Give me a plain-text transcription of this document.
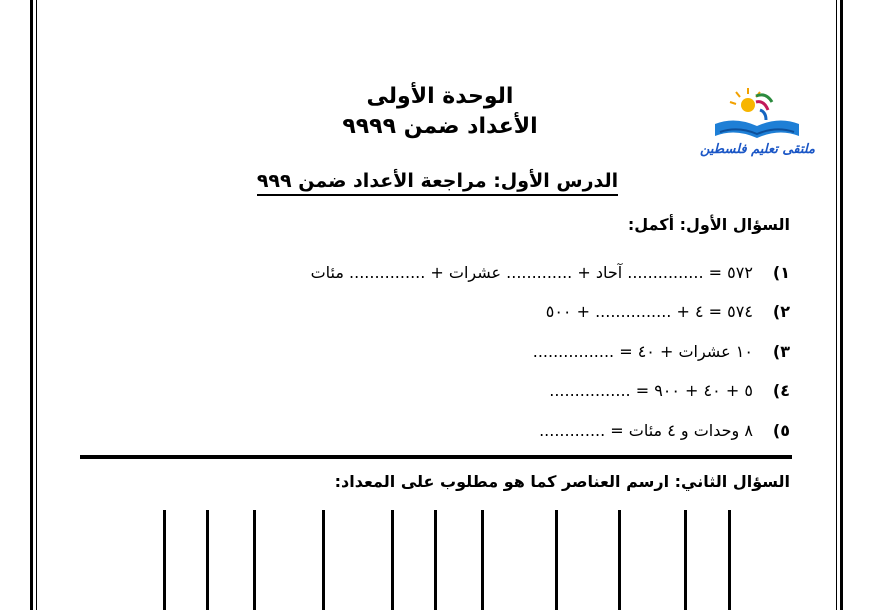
الوحدة الأولى
الأعداد ضمن ٩٩٩٩
ملتقى تعليم فلسطين
الدرس الأول: مراجعة الأعداد ضمن ٩٩٩
السؤال الأول: أكمل:
١) ٥٧٢ = ............... آحاد + ............. عشرات + ............... مئات
٢) ٥٧٤ = ٤ + ............... + ٥٠٠
٣) ١٠ عشرات + ٤٠ = ................
٤) ٥ + ٤٠ + ٩٠٠ = ................
٥) ٨ وحدات و ٤ مئات = .............
السؤال الثاني: ارسم العناصر كما هو مطلوب على المعداد:
